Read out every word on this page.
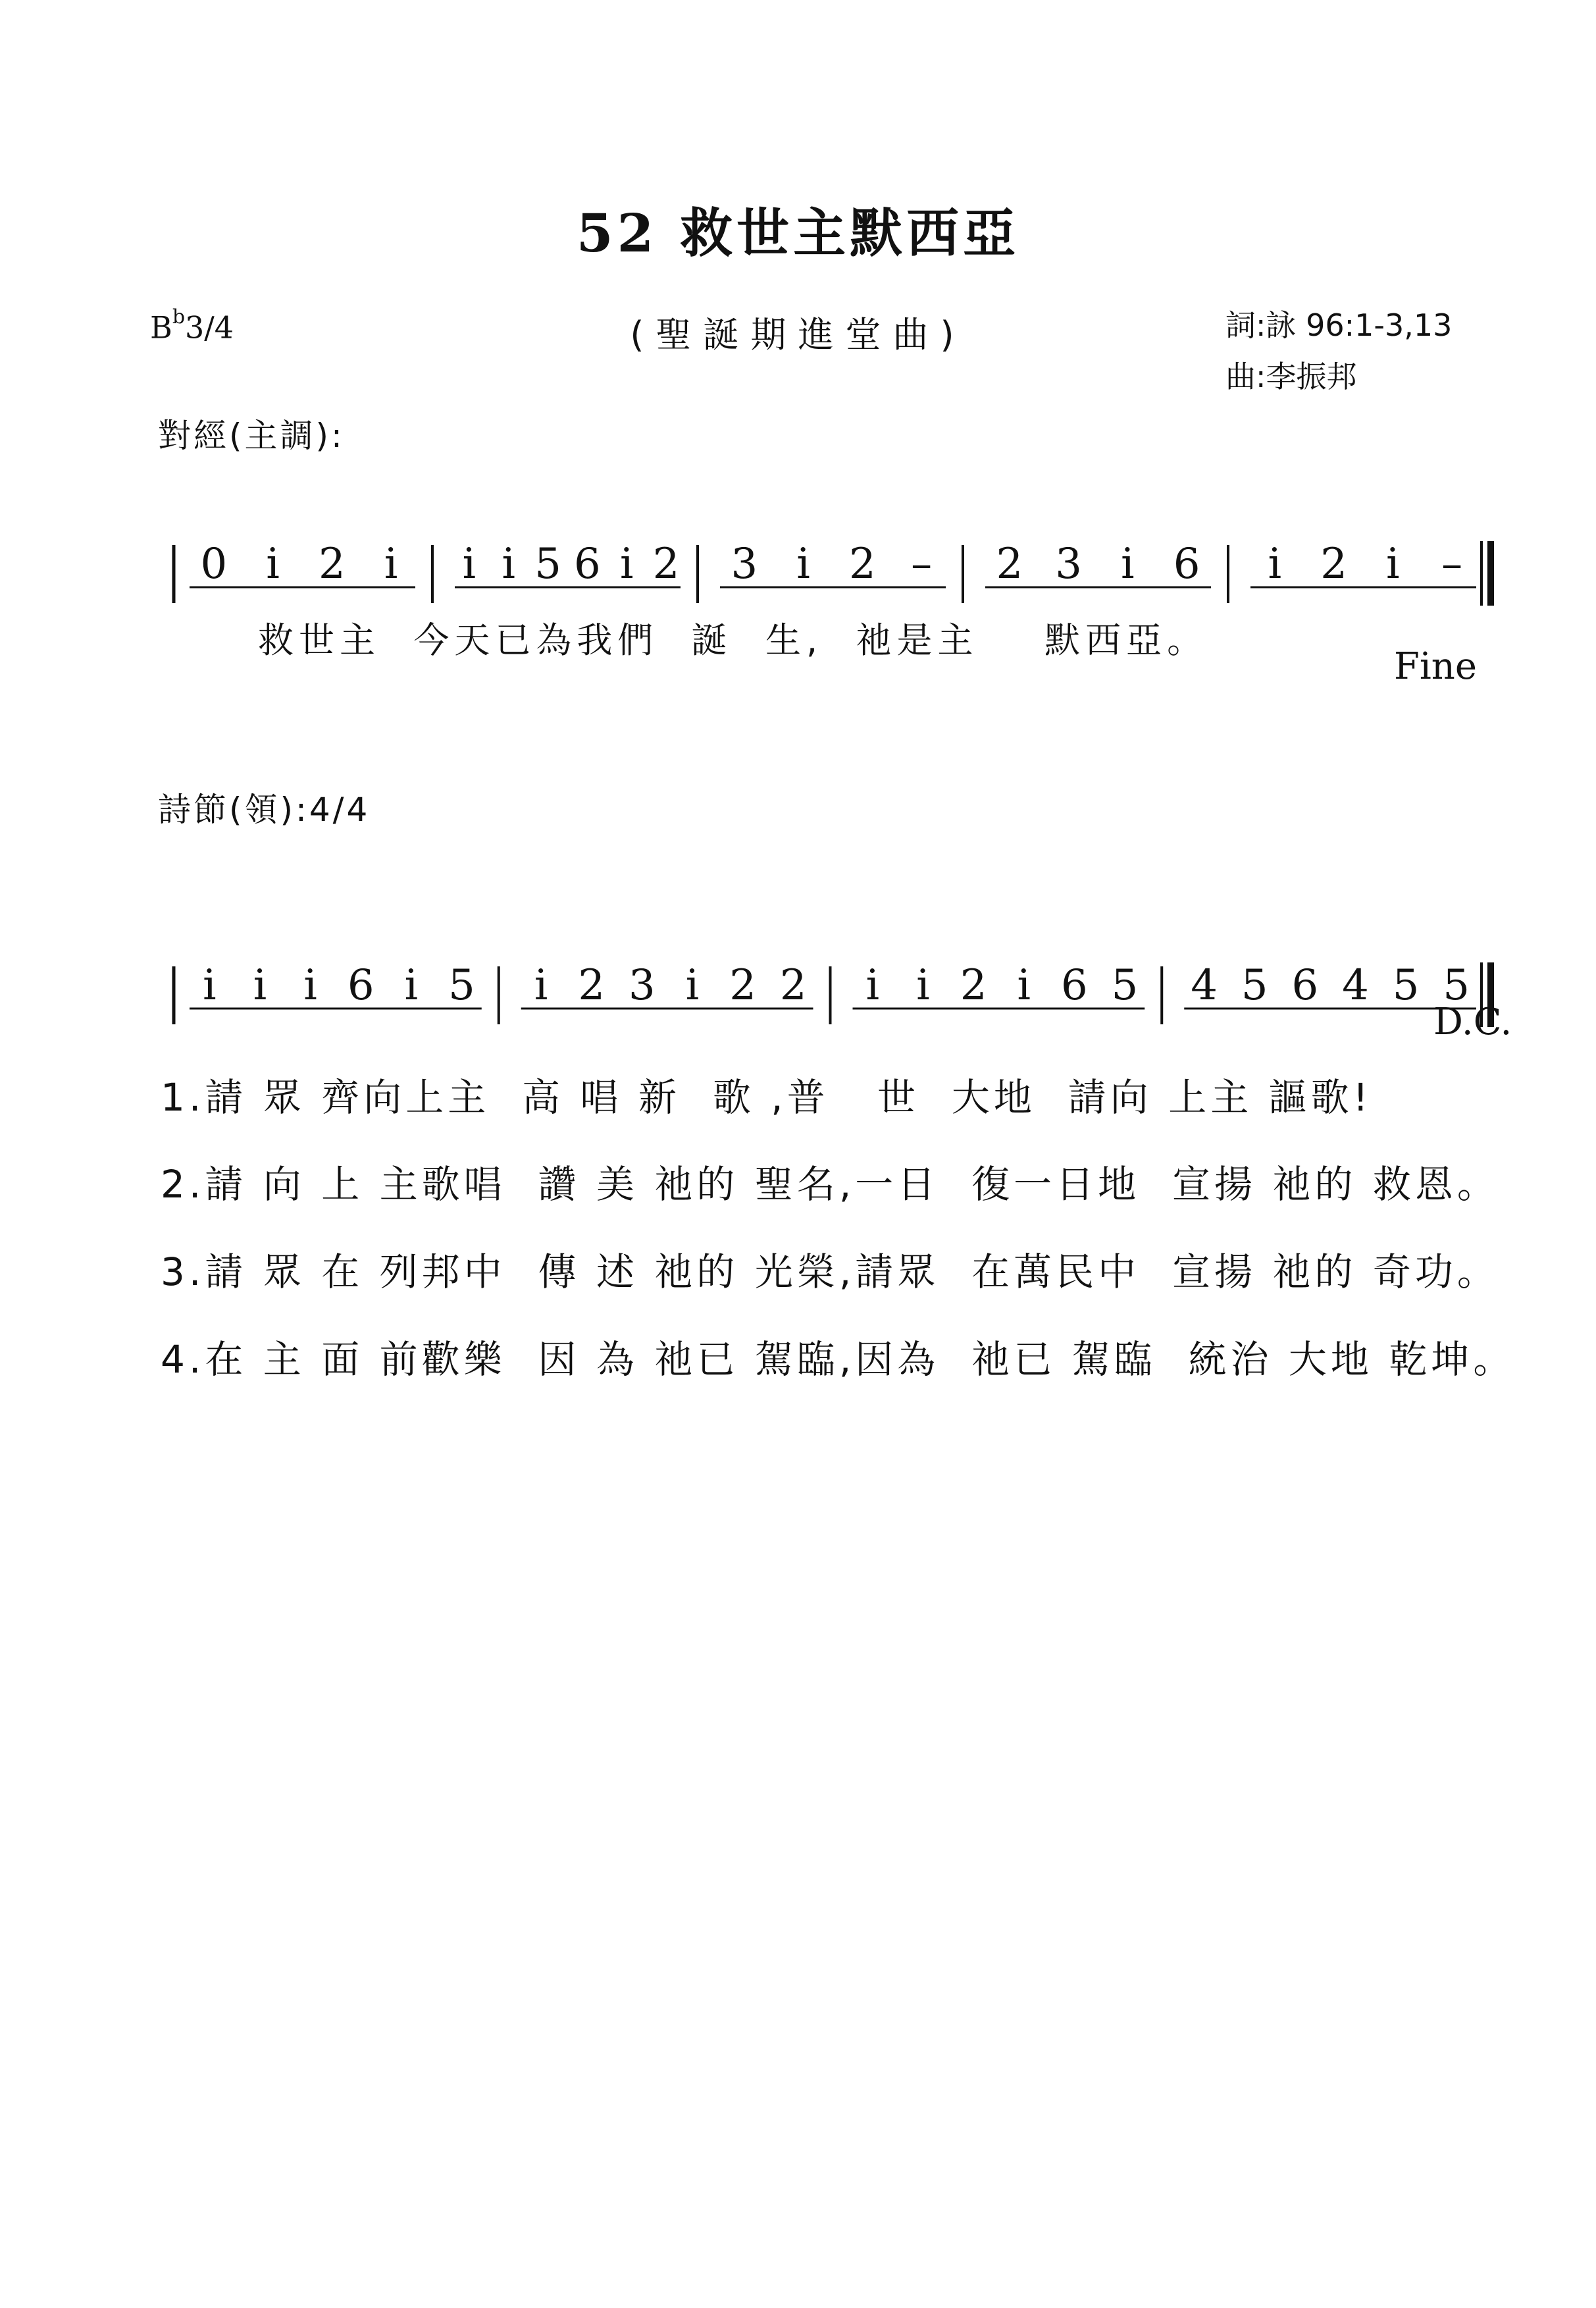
52 救世主默西亞
$B^b3/4$	(聖誕期進堂曲)	詞:詠 96:1-3,13
曲:李振邦
對經(主調):

0 i 2 i i i 5 6 i 2 3 i 2 – 2 3 i 6 i 2 i –

救世主  今天已為我們  誕  生,  祂是主    默西亞。
Fine
詩節(領):4/4

i i i 6 i 5 i 2 3 i 2 2 i i 2 i 6 5 4 5 6 4 5 5

D.C.
1.請 眾 齊向上主  高 唱 新  歌 ,普   世  大地  請向 上主 謳歌!
2.請 向 上 主歌唱  讚 美 祂的 聖名,一日  復一日地  宣揚 祂的 救恩。
3.請 眾 在 列邦中  傳 述 祂的 光榮,請眾  在萬民中  宣揚 祂的 奇功。
4.在 主 面 前歡樂  因 為 祂已 駕臨,因為  祂已 駕臨  統治 大地 乾坤。
